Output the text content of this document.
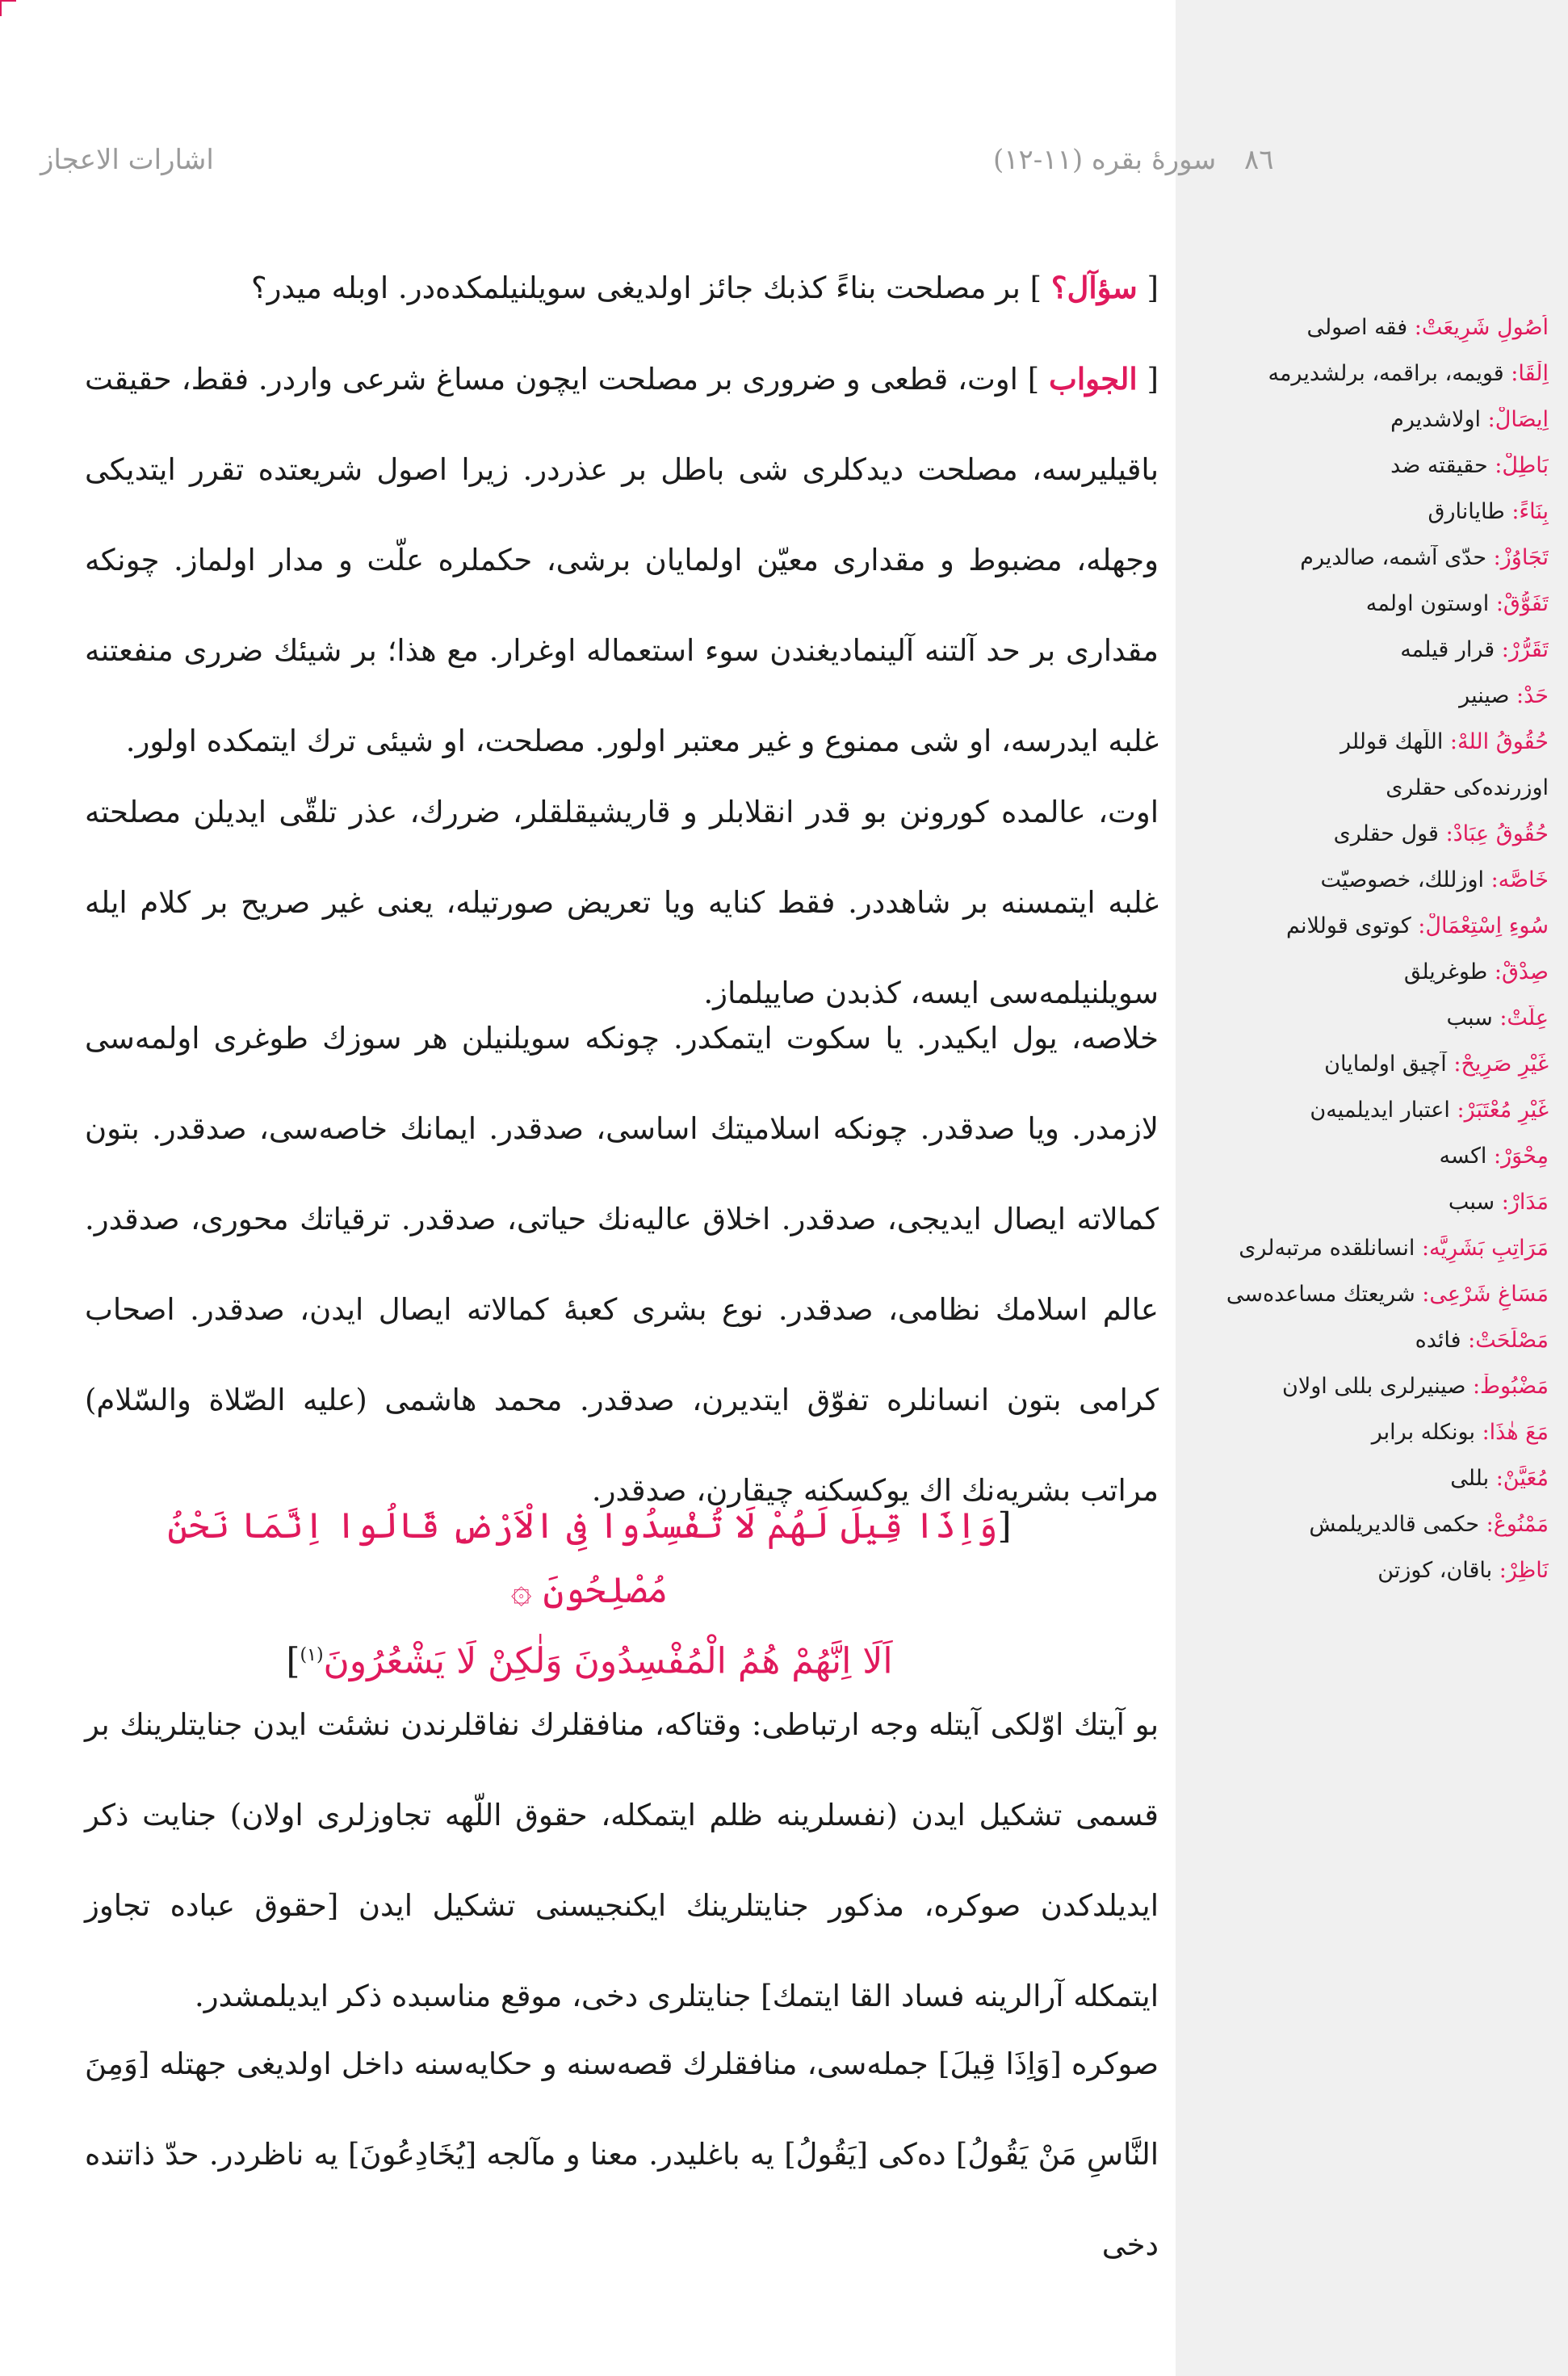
اشارات الاعجاز	٨٦ سورهٔ بقره (١١-١٢)

[ سؤآل؟ ] بر مصلحت بناءً كذبك جائز اولديغى سويلنيلمكده‌در. اوبله ميدر؟

[ الجواب ] اوت، قطعى و ضرورى بر مصلحت ايچون مساغ شرعى واردر. فقط، حقيقت باقيلير‌سه، مصلحت ديدكلرى شى باطل بر عذردر. زيرا اصول شريعتده تقرر ايتديكى وجهله، مضبوط و مقدارى معيّن اولمايان برشى، حكملره علّت و مدار اولماز. چونكه مقدارى بر حد آلتنه آلينماديغندن سوء استعماله اوغرار. مع هذا؛ بر شيئك ضررى منفعتنه غلبه ايدرسه، او شى ممنوع و غير معتبر اولور. مصلحت، او شيئى ترك ايتمكده اولور.

اوت، عالمده كورونن بو قدر انقلابلر و قاريشيقلقلر، ضررك، عذر تلقّى ايديلن مصلحته غلبه ايتمسنه بر شاهددر. فقط كنايه ويا تعريض صورتيله، يعنى غير صريح بر كلام ايله سويلنيلمه‌سى ايسه، كذبدن صاييلماز.

خلاصه، يول ايكيدر. يا سكوت ايتمكدر. چونكه سويلنيلن هر سوزك طوغرى اولمه‌سى لازمدر. ويا صدقدر. چونكه اسلاميتك اساسى، صدقدر. ايمانك خاصه‌سى، صدقدر. بتون كمالاته ايصال ايديجى، صدقدر. اخلاق عاليه‌نك حياتى، صدقدر. ترقياتك محورى، صدقدر. عالم اسلامك نظامى، صدقدر. نوع بشرى كعبهٔ كمالاته ايصال ايدن، صدقدر. اصحاب كرامى بتون انسانلره تفوّق ايتديرن، صدقدر. محمد هاشمى (عليه الصّلاة والسّلام) مراتب بشريه‌نك اك يوكسكنه چيقارن، صدقدر.

[وَاِذَا قِيلَ لَهُمْ لَا تُفْسِدُوا فِى الْاَرْضِ قَالُوا اِنَّمَا نَحْنُ مُصْلِحُونَ ۞
اَلَا اِنَّهُمْ هُمُ الْمُفْسِدُونَ وَلٰكِنْ لَا يَشْعُرُونَ$^{(١)}$]

بو آيتك اوّلكى آيتله وجه ارتباطى: وقتاكه، منافقلرك نفاقلرندن نشئت ايدن جنايتلرينك بر قسمى تشكيل ايدن (نفسلرينه ظلم ايتمكله، حقوق اللّهه تجاوزلرى اولان) جنايت ذكر ايديلدكدن صوكره، مذكور جنايتلرينك ايكنجيسنى تشكيل ايدن [حقوق عباده تجاوز ايتمكله آرالرينه فساد القا ايتمك] جنايتلرى دخى، موقع مناسبده ذكر ايديلمشدر.

صوكره [وَاِذَا قِيلَ] جمله‌سى، منافقلرك قصه‌سنه و حكايه‌سنه داخل اولديغى جهتله [وَمِنَ النَّاسِ مَنْ يَقُولُ] ده‌كى [يَقُولُ] يه باغليدر. معنا و مآلجه [يُخَادِعُونَ] يه ناظردر. حدّ ذاتنده دخى

اُصُولِ شَرِيعَتْ: فقه اصولى
اِلْقَا: قويمه، براقمه، برلشديرمه
اِيصَالْ: اولاشديرم
بَاطِلْ: حقيقته ضد
بِنَاءً: طايانارق
تَجَاوُزْ: حدّى آشمه، صالديرم
تَفَوُّقْ: اوستون اولمه
تَقَرُّرْ: قرار قيلمه
حَدْ: صينير
حُقُوقُ اللهْ: اللّهك قوللر
اوزرنده‌كى حقلرى
حُقُوقُ عِبَادْ: قول حقلرى
خَاصَّه: اوزللك، خصوصيّت
سُوءِ اِسْتِعْمَالْ: كوتوى قوللانم
صِدْقْ: طوغريلق
عِلَّتْ: سبب
غَيْرِ صَرِيحْ: آچيق اولمايان
غَيْرِ مُعْتَبَرْ: اعتبار ايديلميه‌ن
مِحْوَرْ: اكسه
مَدَارْ: سبب
مَرَاتِبِ بَشَرِيَّه: انسانلقده مرتبه‌لرى
مَسَاغِ شَرْعِى: شريعتك مساعده‌سى
مَصْلَحَتْ: فائده
مَضْبُوطْ: صينيرلرى بللى اولان
مَعَ هٰذَا: بونكله برابر
مُعَيَّنْ: بللى
مَمْنُوعْ: حكمى قالديريلمش
نَاظِرْ: باقان، كوزتن
